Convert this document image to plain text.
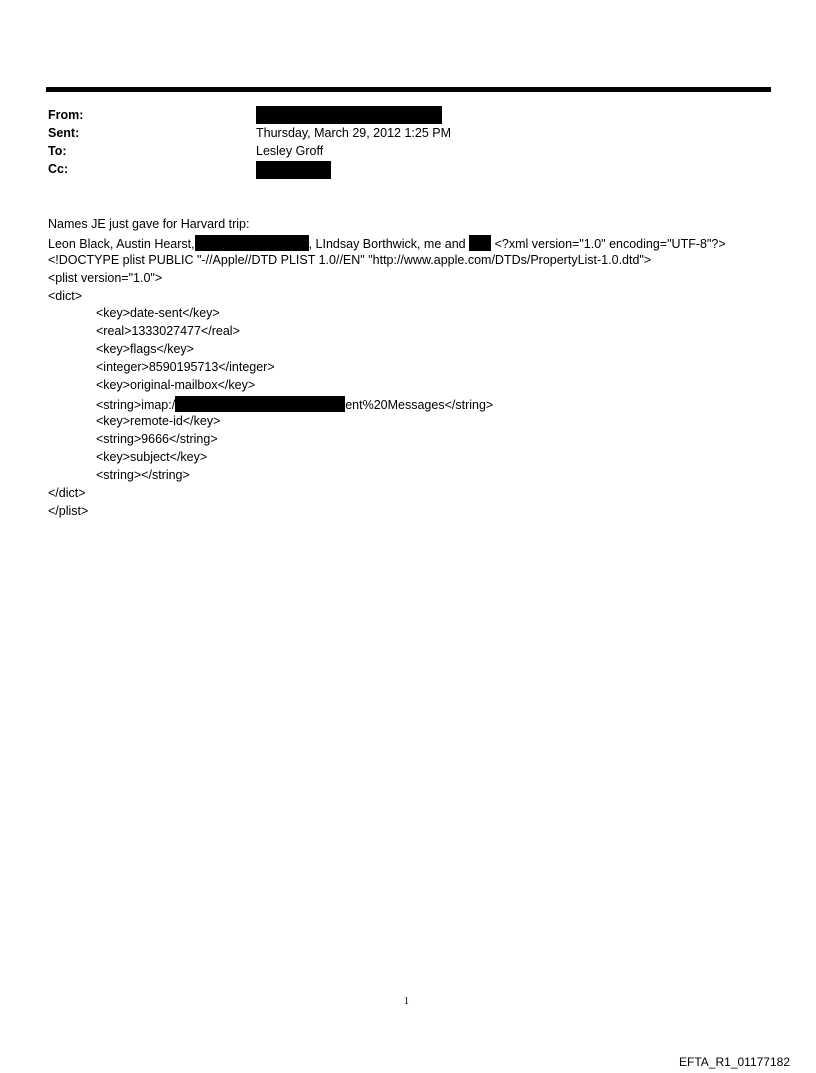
From:
Sent:	Thursday, March 29, 2012 1:25 PM
To:	Lesley Groff
Cc:
Names JE just gave for Harvard trip:
Leon Black, Austin Hearst,	, LIndsay Borthwick, me and  <?xml version="1.0" encoding="UTF-8"?>
<!DOCTYPE plist PUBLIC "-//Apple//DTD PLIST 1.0//EN" "http://www.apple.com/DTDs/PropertyList-1.0.dtd">
<plist version="1.0">
<dict>
<key>date-sent</key>
<real>1333027477</real>
<key>flags</key>
<integer>8590195713</integer>
<key>original-mailbox</key>
<string>imap:/	ent%20Messages</string>
<key>remote-id</key>
<string>9666</string>
<key>subject</key>
<string></string>
</dict>
</plist>
1
EFTA_R1_01177182
